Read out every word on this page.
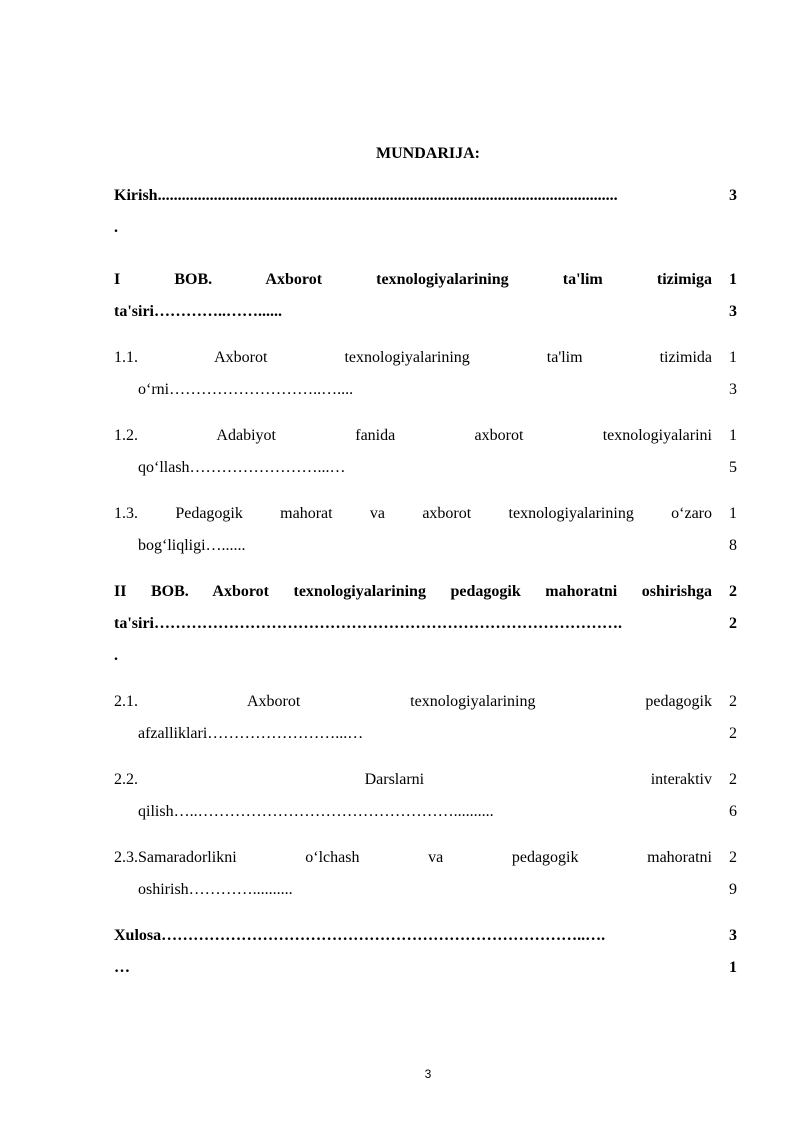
MUNDARIJA:
Kirish...................................................................................................................
.
3
I BOB. Axborot texnologiyalarining ta'lim tizimiga
ta'siri…………..……......
1
3
1.1. Axborot texnologiyalarining ta'lim tizimida
o‘rni………………………..…....
1
3
1.2. Adabiyot fanida axborot texnologiyalarini
qo‘llash……………………...…
1
5
1.3. Pedagogik mahorat va axborot texnologiyalarining o‘zaro
bog‘liqligi…......
1
8
II BOB. Axborot texnologiyalarining pedagogik mahoratni oshirishga
ta'siri…………………………………………………………………………….
.
2
2
2.1. Axborot texnologiyalarining pedagogik
afzalliklari……………………...…
2
2
2.2. Darslarni interaktiv
qilish…..…………………………………………..........
2
6
2.3.Samaradorlikni o‘lchash va pedagogik mahoratni
oshirish…………..........
2
9
Xulosa……………………………………………………………………..….
…
3
1
3
